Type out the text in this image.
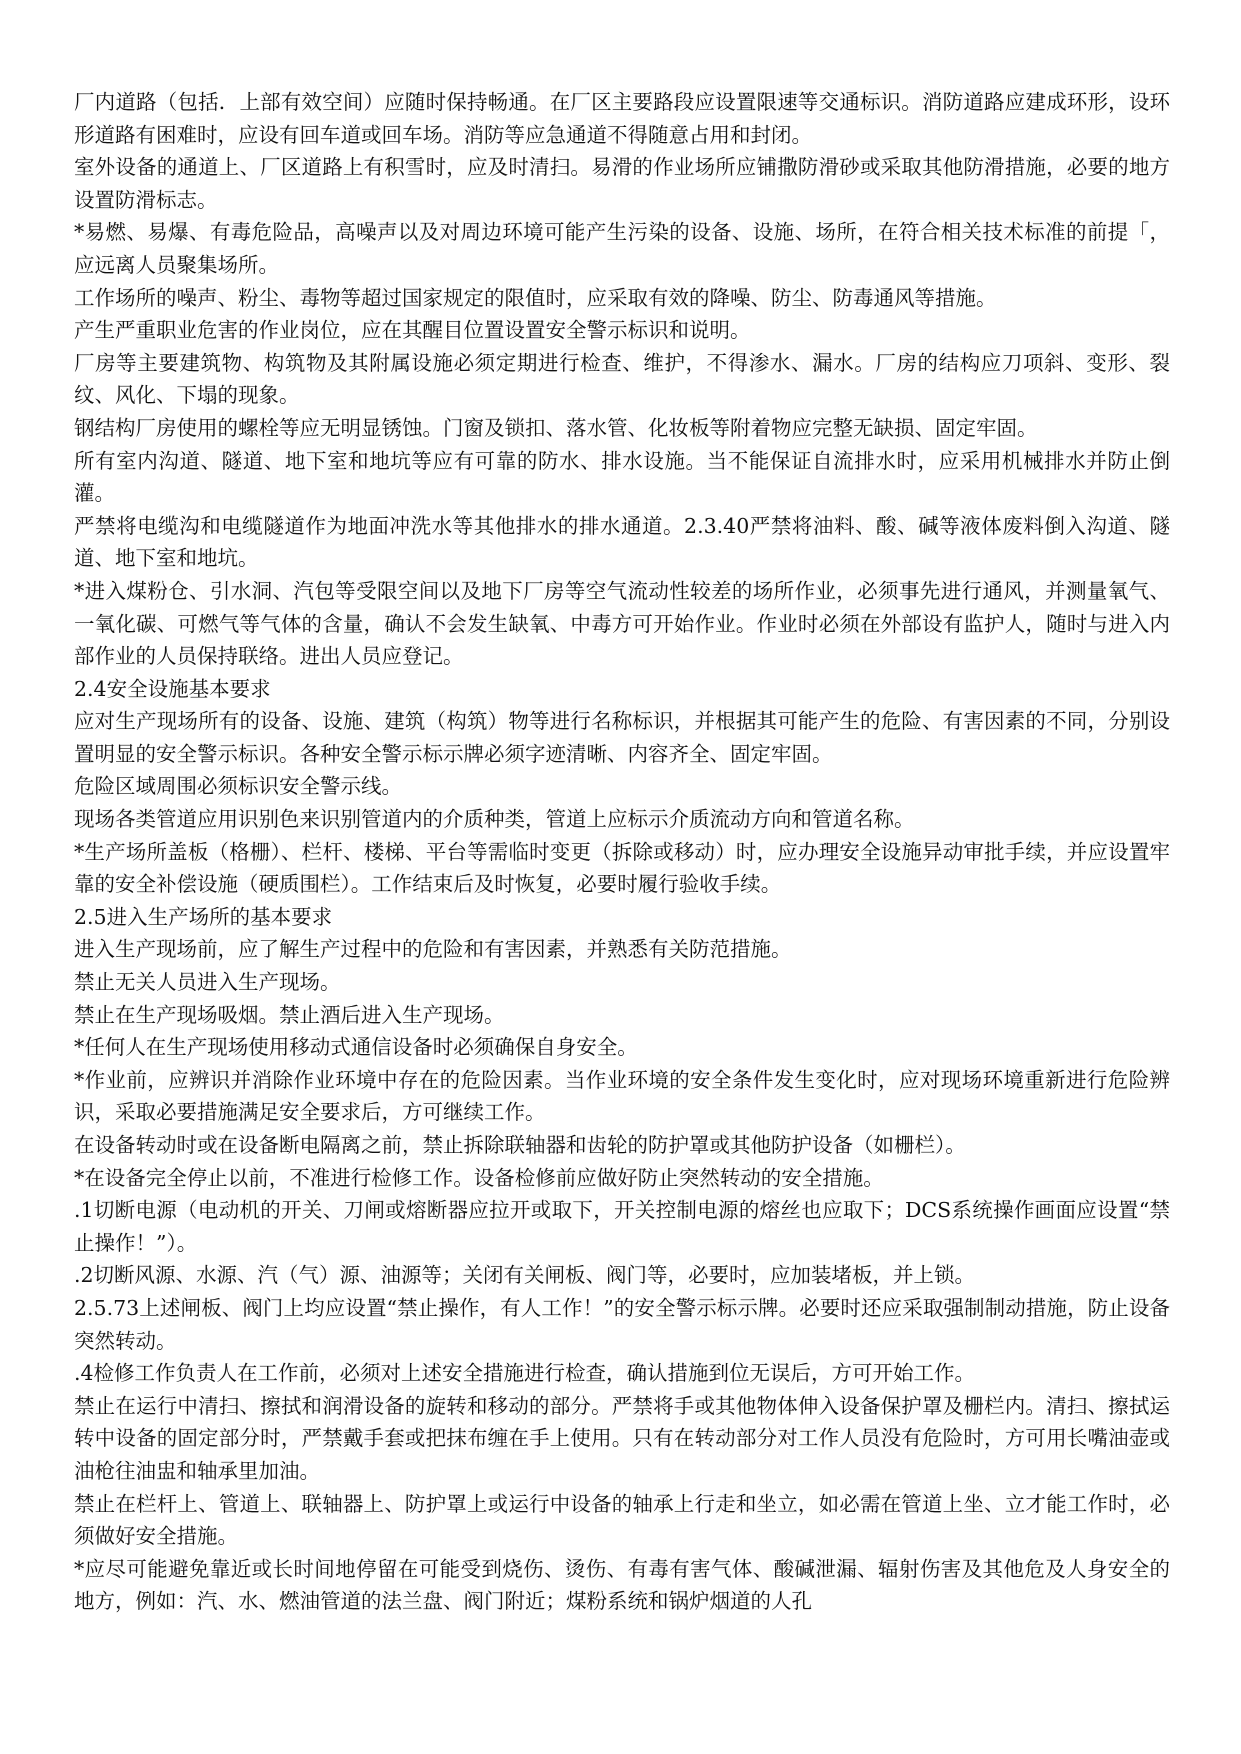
厂内道路（包括．上部有效空间）应随时保持畅通。在厂区主要路段应设置限速等交通标识。消防道路应建成环形，设环形道路有困难时，应设有回车道或回车场。消防等应急通道不得随意占用和封闭。

室外设备的通道上、厂区道路上有积雪时，应及时清扫。易滑的作业场所应铺撒防滑砂或采取其他防滑措施，必要的地方设置防滑标志。

*易燃、易爆、有毒危险品，高噪声以及对周边环境可能产生污染的设备、设施、场所，在符合相关技术标准的前提「，应远离人员聚集场所。

工作场所的噪声、粉尘、毒物等超过国家规定的限值时，应采取有效的降噪、防尘、防毒通风等措施。

产生严重职业危害的作业岗位，应在其醒目位置设置安全警示标识和说明。

厂房等主要建筑物、构筑物及其附属设施必须定期进行检查、维护，不得渗水、漏水。厂房的结构应刀项斜、变形、裂纹、风化、下塌的现象。

钢结构厂房使用的螺栓等应无明显锈蚀。门窗及锁扣、落水管、化妆板等附着物应完整无缺损、固定牢固。

所有室内沟道、隧道、地下室和地坑等应有可靠的防水、排水设施。当不能保证自流排水时，应采用机械排水并防止倒灌。

严禁将电缆沟和电缆隧道作为地面冲洗水等其他排水的排水通道。2.3.40严禁将油料、酸、碱等液体废料倒入沟道、隧道、地下室和地坑。

*进入煤粉仓、引水洞、汽包等受限空间以及地下厂房等空气流动性较差的场所作业，必须事先进行通风，并测量氧气、一氧化碳、可燃气等气体的含量，确认不会发生缺氧、中毒方可开始作业。作业时必须在外部设有监护人，随时与进入内部作业的人员保持联络。进出人员应登记。

2.4安全设施基本要求

应对生产现场所有的设备、设施、建筑（构筑）物等进行名称标识，并根据其可能产生的危险、有害因素的不同，分别设置明显的安全警示标识。各种安全警示标示牌必须字迹清晰、内容齐全、固定牢固。

危险区域周围必须标识安全警示线。

现场各类管道应用识别色来识别管道内的介质种类，管道上应标示介质流动方向和管道名称。

*生产场所盖板（格栅）、栏杆、楼梯、平台等需临时变更（拆除或移动）时，应办理安全设施异动审批手续，并应设置牢靠的安全补偿设施（硬质围栏）。工作结束后及时恢复，必要时履行验收手续。

2.5进入生产场所的基本要求

进入生产现场前，应了解生产过程中的危险和有害因素，并熟悉有关防范措施。

禁止无关人员进入生产现场。

禁止在生产现场吸烟。禁止酒后进入生产现场。

*任何人在生产现场使用移动式通信设备时必须确保自身安全。

*作业前，应辨识并消除作业环境中存在的危险因素。当作业环境的安全条件发生变化时，应对现场环境重新进行危险辨识，采取必要措施满足安全要求后，方可继续工作。

在设备转动时或在设备断电隔离之前，禁止拆除联轴器和齿轮的防护罩或其他防护设备（如栅栏）。

*在设备完全停止以前，不准进行检修工作。设备检修前应做好防止突然转动的安全措施。

.1切断电源（电动机的开关、刀闸或熔断器应拉开或取下，开关控制电源的熔丝也应取下；DCS系统操作画面应设置“禁止操作！”）。

.2切断风源、水源、汽（气）源、油源等；关闭有关闸板、阀门等，必要时，应加装堵板，并上锁。

2.5.73上述闸板、阀门上均应设置“禁止操作，有人工作！”的安全警示标示牌。必要时还应采取强制制动措施，防止设备突然转动。

.4检修工作负责人在工作前，必须对上述安全措施进行检查，确认措施到位无误后，方可开始工作。

禁止在运行中清扫、擦拭和润滑设备的旋转和移动的部分。严禁将手或其他物体伸入设备保护罩及栅栏内。清扫、擦拭运转中设备的固定部分时，严禁戴手套或把抹布缠在手上使用。只有在转动部分对工作人员没有危险时，方可用长嘴油壶或油枪往油盅和轴承里加油。

禁止在栏杆上、管道上、联轴器上、防护罩上或运行中设备的轴承上行走和坐立，如必需在管道上坐、立才能工作时，必须做好安全措施。

*应尽可能避免靠近或长时间地停留在可能受到烧伤、烫伤、有毒有害气体、酸碱泄漏、辐射伤害及其他危及人身安全的地方，例如：汽、水、燃油管道的法兰盘、阀门附近；煤粉系统和锅炉烟道的人孔
